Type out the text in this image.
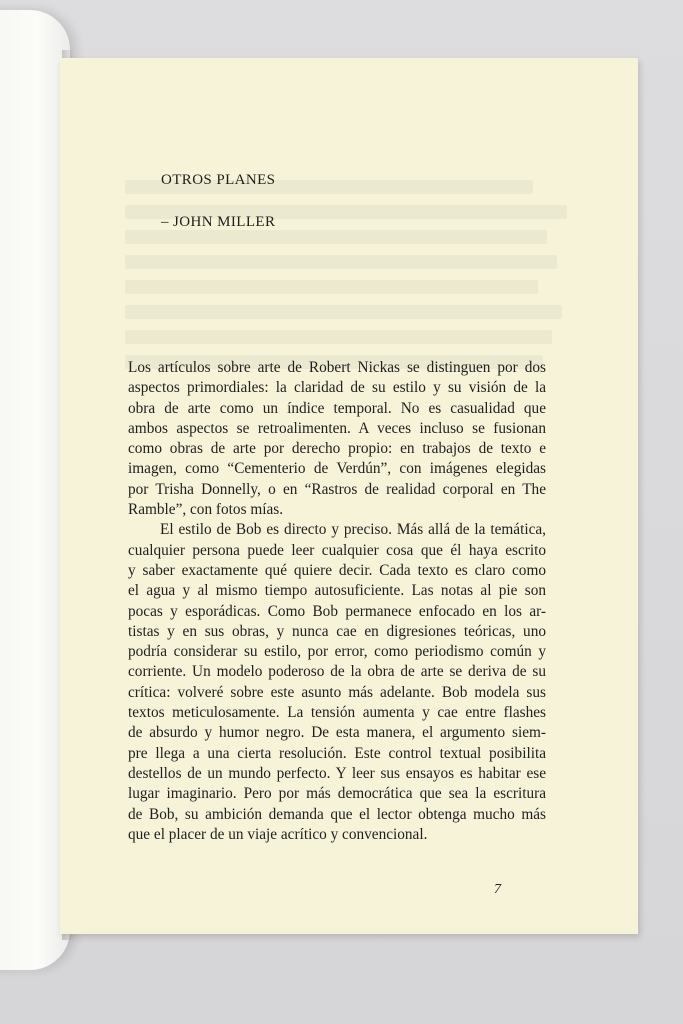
OTROS PLANES
– JOHN MILLER
Los artículos sobre arte de Robert Nickas se distinguen por dos
aspectos primordiales: la claridad de su estilo y su visión de la
obra de arte como un índice temporal. No es casualidad que
ambos aspectos se retroalimenten. A veces incluso se fusionan
como obras de arte por derecho propio: en trabajos de texto e
imagen, como “Cementerio de Verdún”, con imágenes elegidas
por Trisha Donnelly, o en “Rastros de realidad corporal en The
Ramble”, con fotos mías.
El estilo de Bob es directo y preciso. Más allá de la temática,
cualquier persona puede leer cualquier cosa que él haya escrito
y saber exactamente qué quiere decir. Cada texto es claro como
el agua y al mismo tiempo autosuficiente. Las notas al pie son
pocas y esporádicas. Como Bob permanece enfocado en los ar-
tistas y en sus obras, y nunca cae en digresiones teóricas, uno
podría considerar su estilo, por error, como periodismo común y
corriente. Un modelo poderoso de la obra de arte se deriva de su
crítica: volveré sobre este asunto más adelante. Bob modela sus
textos meticulosamente. La tensión aumenta y cae entre flashes
de absurdo y humor negro. De esta manera, el argumento siem-
pre llega a una cierta resolución. Este control textual posibilita
destellos de un mundo perfecto. Y leer sus ensayos es habitar ese
lugar imaginario. Pero por más democrática que sea la escritura
de Bob, su ambición demanda que el lector obtenga mucho más
que el placer de un viaje acrítico y convencional.
7
